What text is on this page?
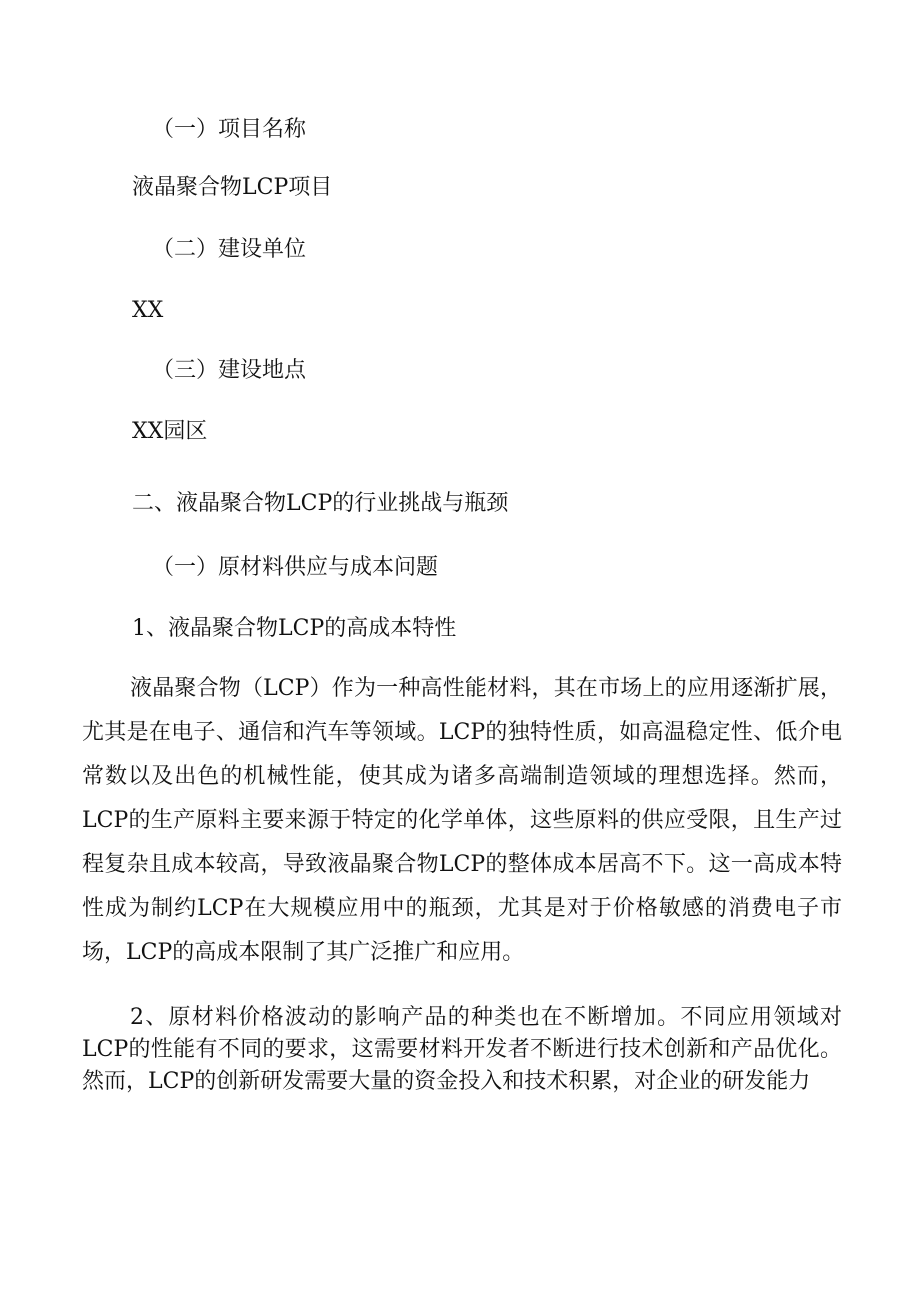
（一）项目名称
液晶聚合物LCP项目
（二）建设单位
XX
（三）建设地点
XX园区
二、液晶聚合物LCP的行业挑战与瓶颈
（一）原材料供应与成本问题
1、液晶聚合物LCP的高成本特性
液晶聚合物（LCP）作为一种高性能材料，其在市场上的应用逐渐扩展，尤其是在电子、通信和汽车等领域。LCP的独特性质，如高温稳定性、低介电常数以及出色的机械性能，使其成为诸多高端制造领域的理想选择。然而，LCP的生产原料主要来源于特定的化学单体，这些原料的供应受限，且生产过程复杂且成本较高，导致液晶聚合物LCP的整体成本居高不下。这一高成本特性成为制约LCP在大规模应用中的瓶颈，尤其是对于价格敏感的消费电子市场，LCP的高成本限制了其广泛推广和应用。
2、原材料价格波动的影响产品的种类也在不断增加。不同应用领域对LCP的性能有不同的要求，这需要材料开发者不断进行技术创新和产品优化。然而，LCP的创新研发需要大量的资金投入和技术积累，对企业的研发能力
